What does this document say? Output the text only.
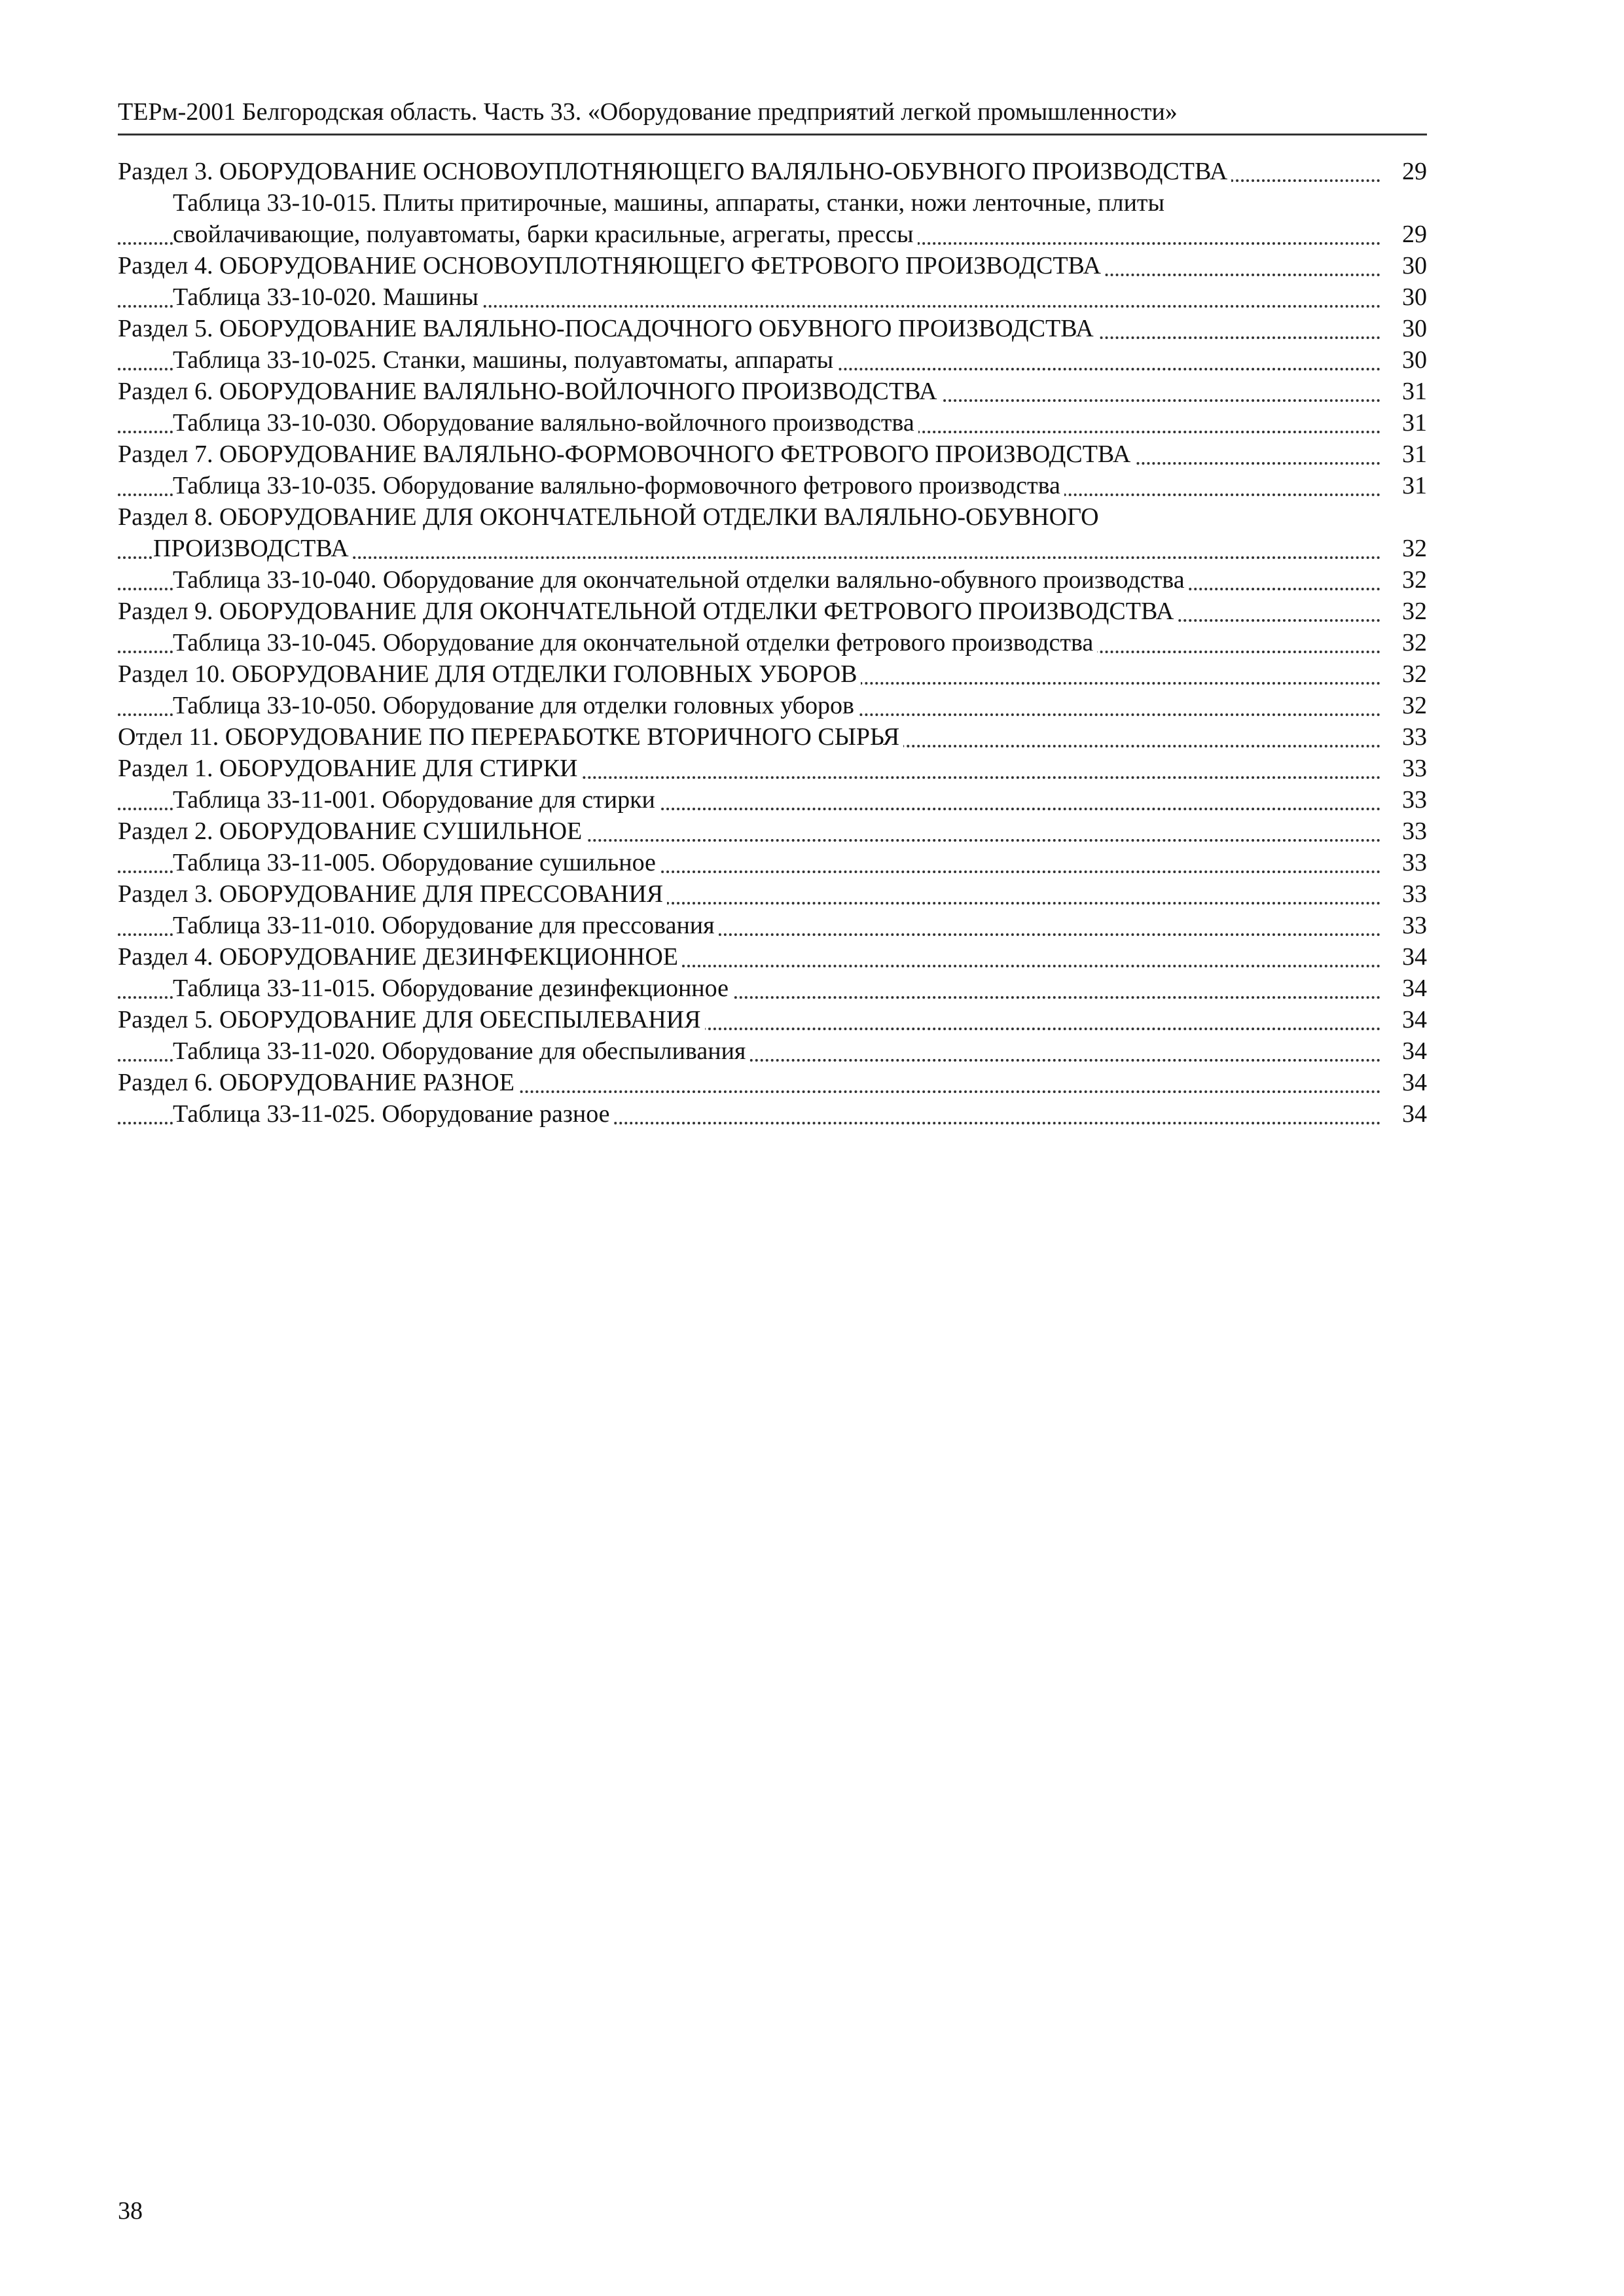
ТЕРм-2001 Белгородская область. Часть 33. «Оборудование предприятий легкой промышленности»
Раздел 3. ОБОРУДОВАНИЕ ОСНОВОУПЛОТНЯЮЩЕГО ВАЛЯЛЬНО-ОБУВНОГО ПРОИЗВОДСТВА	29
Таблица 33-10-015. Плиты притирочные, машины, аппараты, станки, ножи ленточные, плиты
свойлачивающие, полуавтоматы, барки красильные, агрегаты, прессы	29
Раздел 4. ОБОРУДОВАНИЕ ОСНОВОУПЛОТНЯЮЩЕГО ФЕТРОВОГО ПРОИЗВОДСТВА	30
Таблица 33-10-020. Машины	30
Раздел 5. ОБОРУДОВАНИЕ ВАЛЯЛЬНО-ПОСАДОЧНОГО ОБУВНОГО ПРОИЗВОДСТВА	30
Таблица 33-10-025. Станки, машины, полуавтоматы, аппараты	30
Раздел 6. ОБОРУДОВАНИЕ ВАЛЯЛЬНО-ВОЙЛОЧНОГО ПРОИЗВОДСТВА	31
Таблица 33-10-030. Оборудование валяльно-войлочного производства	31
Раздел 7. ОБОРУДОВАНИЕ ВАЛЯЛЬНО-ФОРМОВОЧНОГО ФЕТРОВОГО ПРОИЗВОДСТВА	31
Таблица 33-10-035. Оборудование валяльно-формовочного фетрового производства	31
Раздел 8. ОБОРУДОВАНИЕ ДЛЯ ОКОНЧАТЕЛЬНОЙ ОТДЕЛКИ ВАЛЯЛЬНО-ОБУВНОГО
ПРОИЗВОДСТВА	32
Таблица 33-10-040. Оборудование для окончательной отделки валяльно-обувного производства	32
Раздел 9. ОБОРУДОВАНИЕ ДЛЯ ОКОНЧАТЕЛЬНОЙ ОТДЕЛКИ ФЕТРОВОГО ПРОИЗВОДСТВА	32
Таблица 33-10-045. Оборудование для окончательной отделки фетрового производства	32
Раздел 10. ОБОРУДОВАНИЕ ДЛЯ ОТДЕЛКИ ГОЛОВНЫХ УБОРОВ	32
Таблица 33-10-050. Оборудование для отделки головных уборов	32
Отдел 11. ОБОРУДОВАНИЕ ПО ПЕРЕРАБОТКЕ ВТОРИЧНОГО СЫРЬЯ	33
Раздел 1. ОБОРУДОВАНИЕ ДЛЯ СТИРКИ	33
Таблица 33-11-001. Оборудование для стирки	33
Раздел 2. ОБОРУДОВАНИЕ СУШИЛЬНОЕ	33
Таблица 33-11-005. Оборудование сушильное	33
Раздел 3. ОБОРУДОВАНИЕ ДЛЯ ПРЕССОВАНИЯ	33
Таблица 33-11-010. Оборудование для прессования	33
Раздел 4. ОБОРУДОВАНИЕ ДЕЗИНФЕКЦИОННОЕ	34
Таблица 33-11-015. Оборудование дезинфекционное	34
Раздел 5. ОБОРУДОВАНИЕ ДЛЯ ОБЕСПЫЛЕВАНИЯ	34
Таблица 33-11-020. Оборудование для обеспыливания	34
Раздел 6. ОБОРУДОВАНИЕ РАЗНОЕ	34
Таблица 33-11-025. Оборудование разное	34
38
